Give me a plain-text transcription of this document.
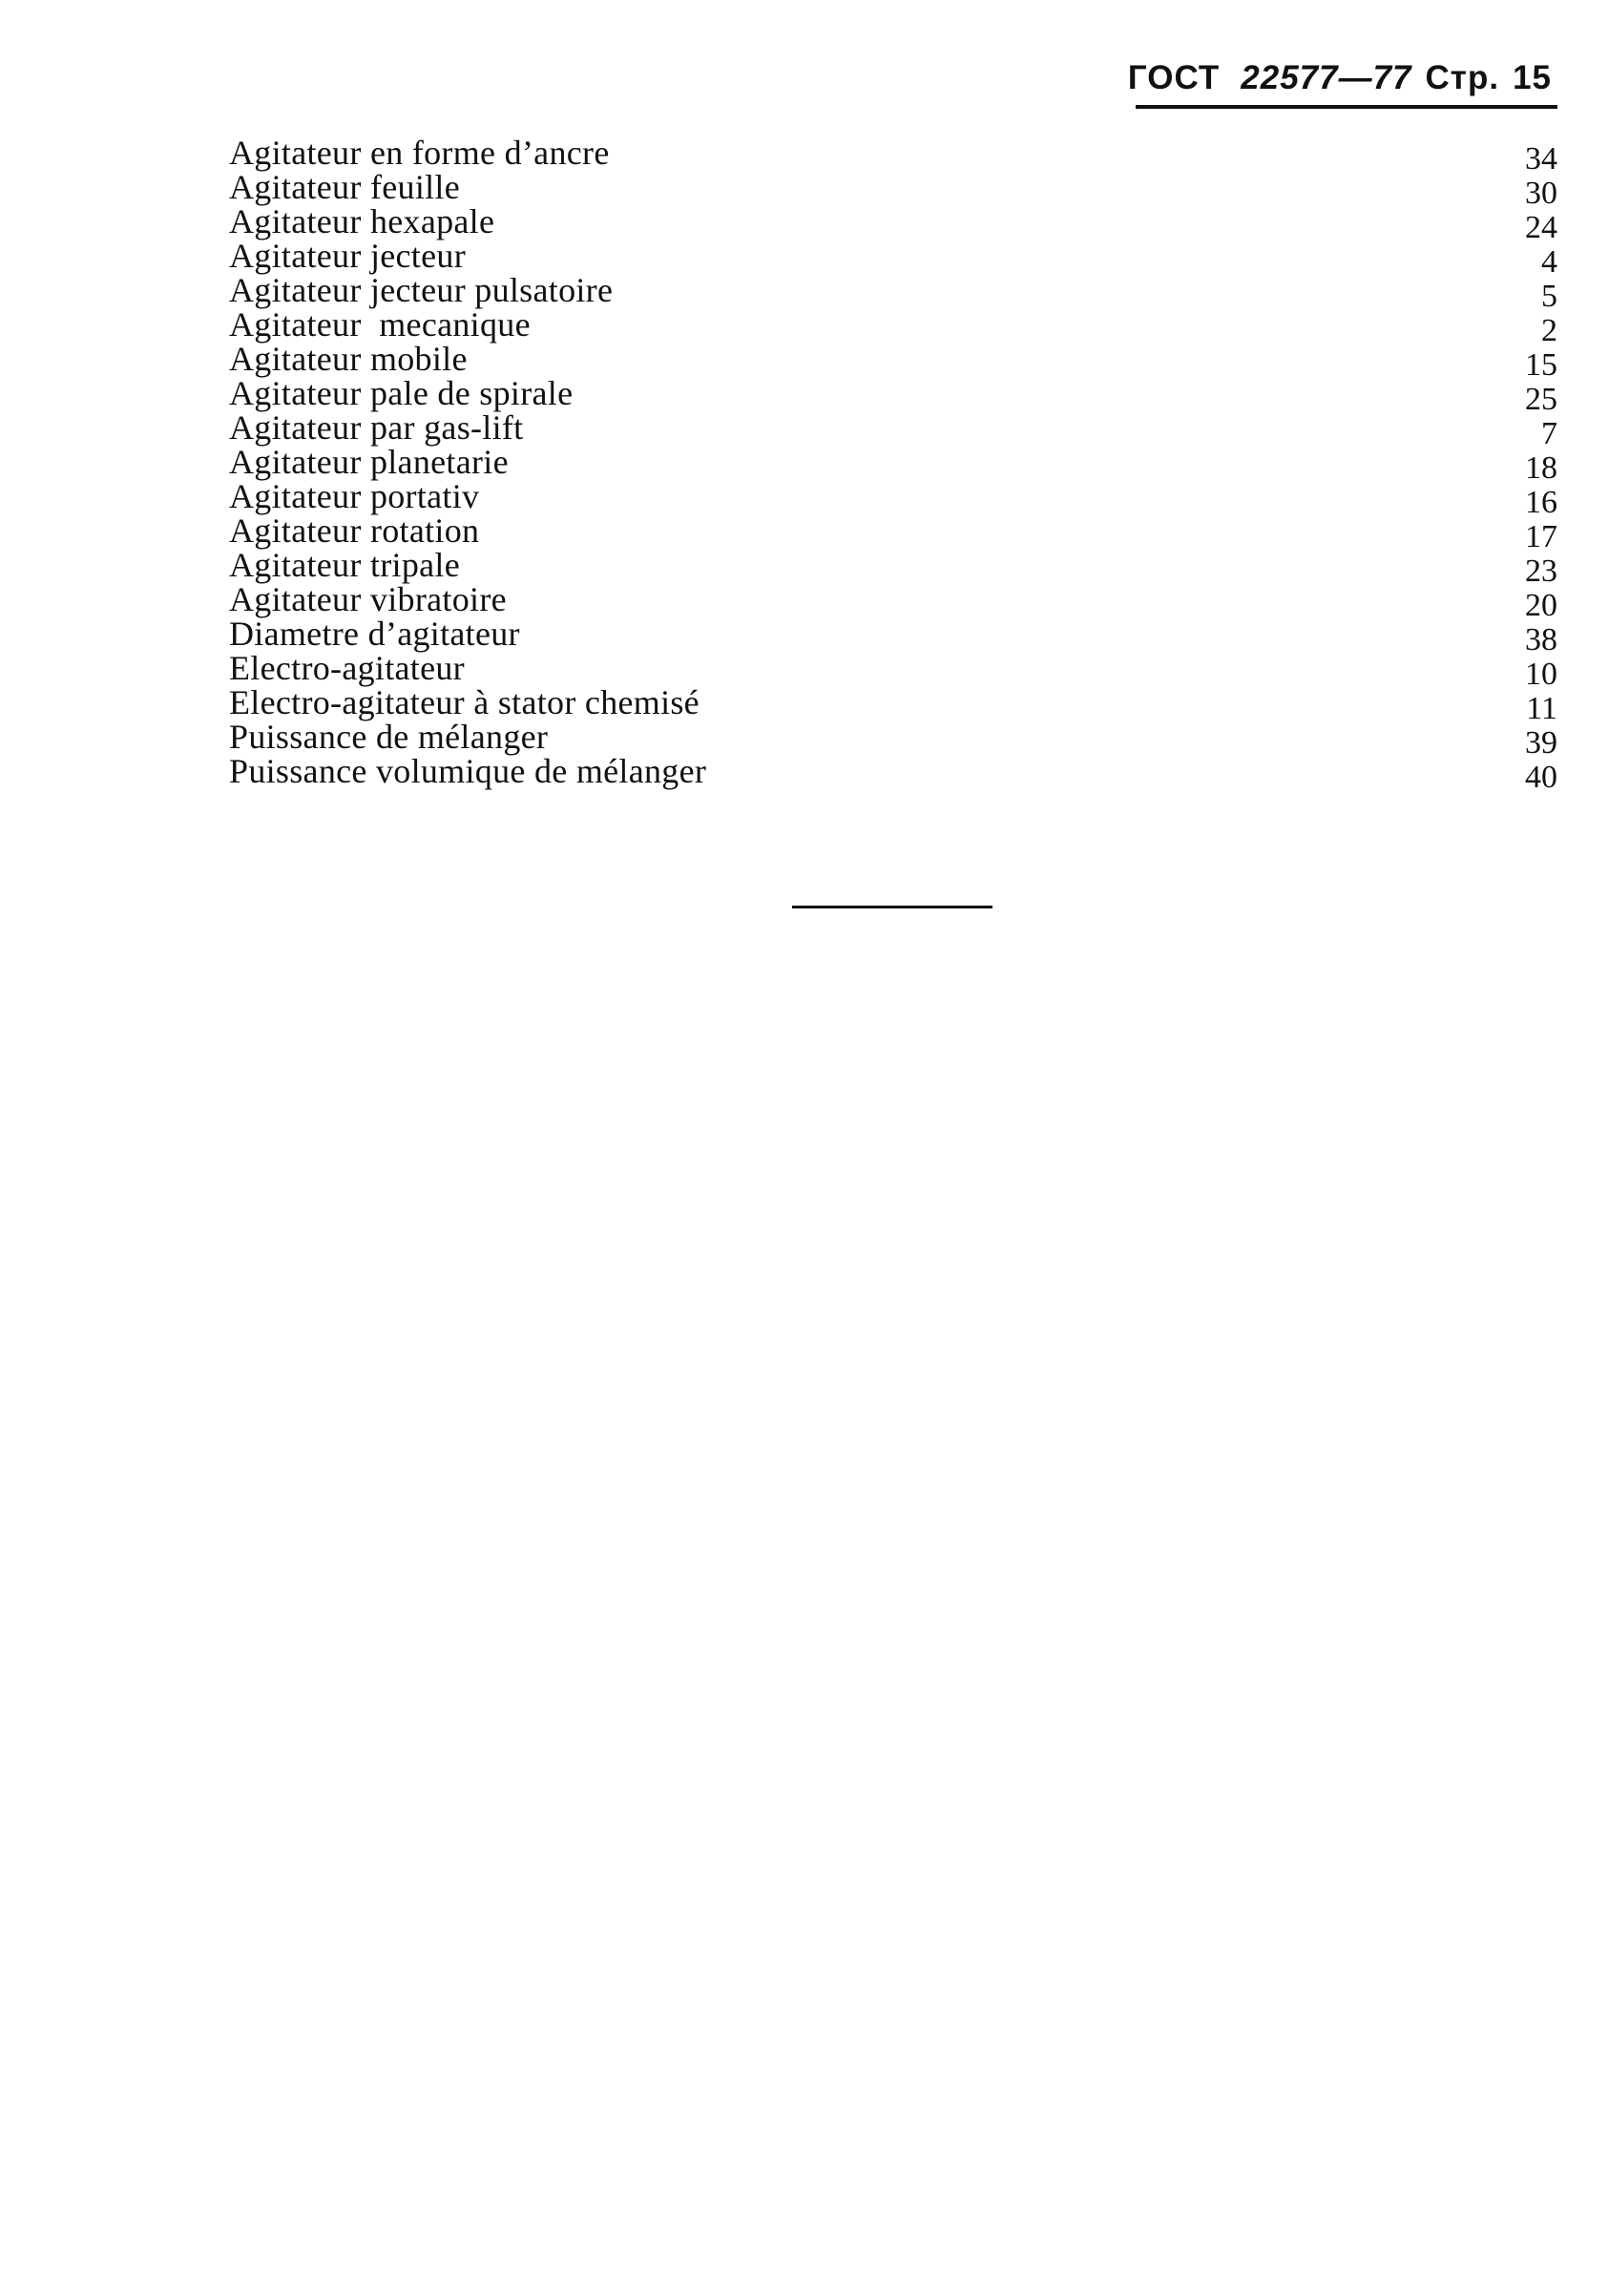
ГОСТ 22577—77 Стр. 15
Agitateur en forme d’ancre	34
Agitateur feuille	30
Agitateur hexapale	24
Agitateur jecteur	4
Agitateur jecteur pulsatoire	5
Agitateur  mecanique	2
Agitateur mobile	15
Agitateur pale de spirale	25
Agitateur par gas-lift	7
Agitateur planetarie	18
Agitateur portativ	16
Agitateur rotation	17
Agitateur tripale	23
Agitateur vibratoire	20
Diametre d’agitateur	38
Electro-agitateur	10
Electro-agitateur à stator chemisé	11
Puissance de mélanger	39
Puissance volumique de mélanger	40
